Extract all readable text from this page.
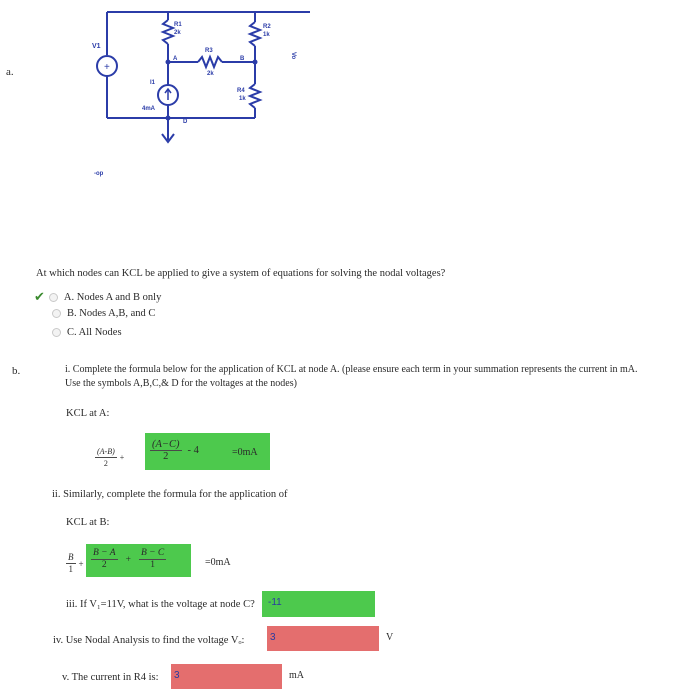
a.	+
V1
R1
2k
R2
1k
R3
2k
R4
1k
I1
4mA
A	B
D
Vo
-op
At which nodes can KCL be applied to give a system of equations for solving the nodal voltages?
✔ A. Nodes A and B only
B. Nodes A,B, and C
C. All Nodes
b.	i. Complete the formula below for the application of KCL at node A. (please ensure each term in your summation represents the current in mA. Use the symbols A,B,C,& D for the voltages at the nodes)
KCL at A:
$\frac{(A-B)}{2} + \frac{(A-C)}{2} - 4$	=0mA
ii. Similarly, complete the formula for the application of
KCL at B:
$\frac{B}{1} + \frac{B - A}{2} + \frac{B - C}{1}$	=0mA
iii. If V₁=11V, what is the voltage at node C? -11
iv. Use Nodal Analysis to find the voltage Vₒ:	3	V
v. The current in R4 is: 3	mA
